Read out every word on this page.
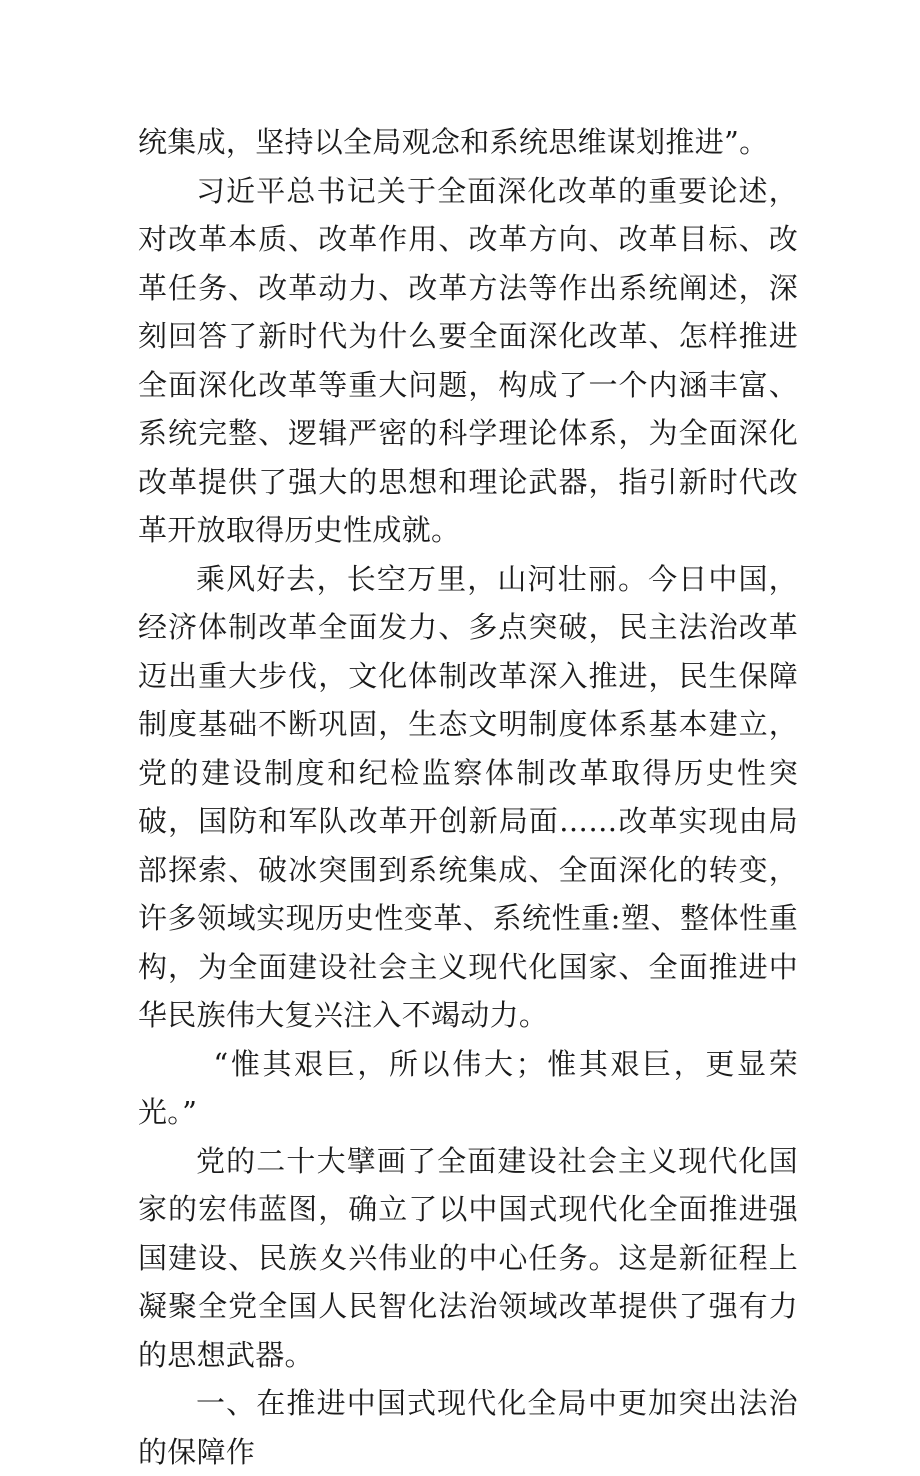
统集成，坚持以全局观念和系统思维谋划推进”。

习近平总书记关于全面深化改革的重要论述，对改革本质、改革作用、改革方向、改革目标、改革任务、改革动力、改革方法等作出系统阐述，深刻回答了新时代为什么要全面深化改革、怎样推进全面深化改革等重大问题，构成了一个内涵丰富、系统完整、逻辑严密的科学理论体系，为全面深化改革提供了强大的思想和理论武器，指引新时代改革开放取得历史性成就。

乘风好去，长空万里，山河壮丽。今日中国，经济体制改革全面发力、多点突破，民主法治改革迈出重大步伐，文化体制改革深入推进，民生保障制度基础不断巩固，生态文明制度体系基本建立，党的建设制度和纪检监察体制改革取得历史性突破，国防和军队改革开创新局面……改革实现由局部探索、破冰突围到系统集成、全面深化的转变，许多领域实现历史性变革、系统性重:塑、整体性重构，为全面建设社会主义现代化国家、全面推进中华民族伟大复兴注入不竭动力。

“惟其艰巨，所以伟大；惟其艰巨，更显荣光。”

党的二十大擘画了全面建设社会主义现代化国家的宏伟蓝图，确立了以中国式现代化全面推进强国建设、民族夊兴伟业的中心任务。这是新征程上凝聚全党全国人民智化法治领域改革提供了强有力的思想武器。

一、在推进中国式现代化全局中更加突出法治的保障作
